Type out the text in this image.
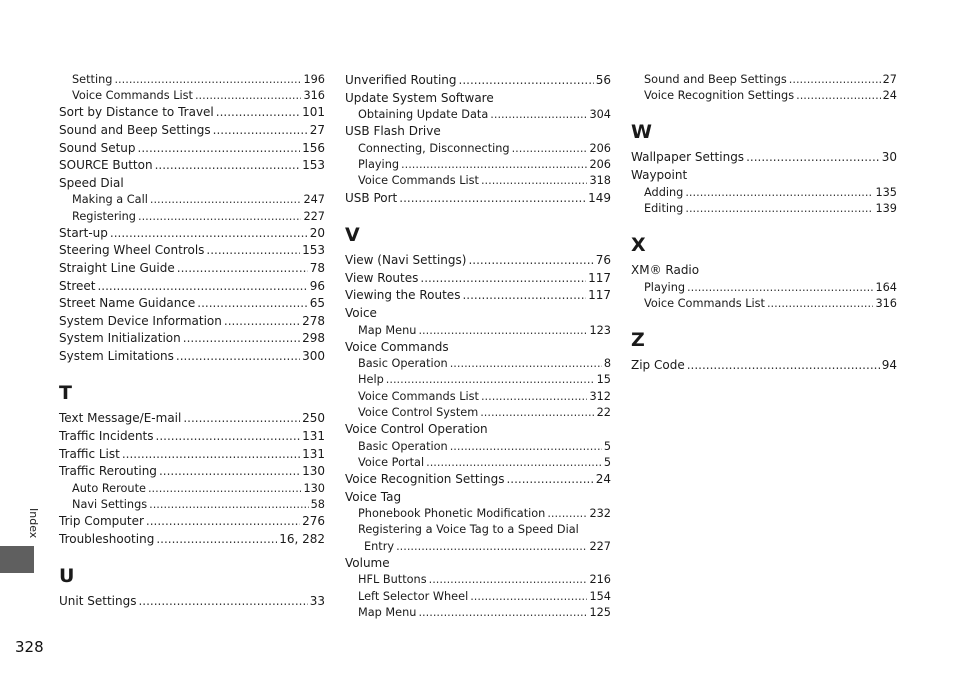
Setting .....	196
Voice Commands List .....	316
Sort by Distance to Travel .....	101
Sound and Beep Settings .....	27
Sound Setup .....	156
SOURCE Button .....	153
Speed Dial
Making a Call .....	247
Registering .....	227
Start-up .....	20
Steering Wheel Controls .....	153
Straight Line Guide .....	78
Street .....	96
Street Name Guidance .....	65
System Device Information .....	278
System Initialization .....	298
System Limitations .....	300
T
Text Message/E-mail .....	250
Traffic Incidents .....	131
Traffic List .....	131
Traffic Rerouting .....	130
Auto Reroute .....	130
Navi Settings .....	58
Trip Computer .....	276
Troubleshooting .....	16, 282
U
Unit Settings .....	33
Unverified Routing .....	56
Update System Software
Obtaining Update Data .....	304
USB Flash Drive
Connecting, Disconnecting .....	206
Playing .....	206
Voice Commands List .....	318
USB Port .....	149
V
View (Navi Settings) .....	76
View Routes .....	117
Viewing the Routes .....	117
Voice
Map Menu .....	123
Voice Commands
Basic Operation .....	8
Help .....	15
Voice Commands List .....	312
Voice Control System .....	22
Voice Control Operation
Basic Operation .....	5
Voice Portal .....	5
Voice Recognition Settings .....	24
Voice Tag
Phonebook Phonetic Modification .....	232
Registering a Voice Tag to a Speed Dial
Entry .....	227
Volume
HFL Buttons .....	216
Left Selector Wheel .....	154
Map Menu .....	125
Sound and Beep Settings .....	27
Voice Recognition Settings .....	24
W
Wallpaper Settings .....	30
Waypoint
Adding .....	135
Editing .....	139
X
XM® Radio
Playing .....	164
Voice Commands List .....	316
Z
Zip Code .....	94
Index
328
